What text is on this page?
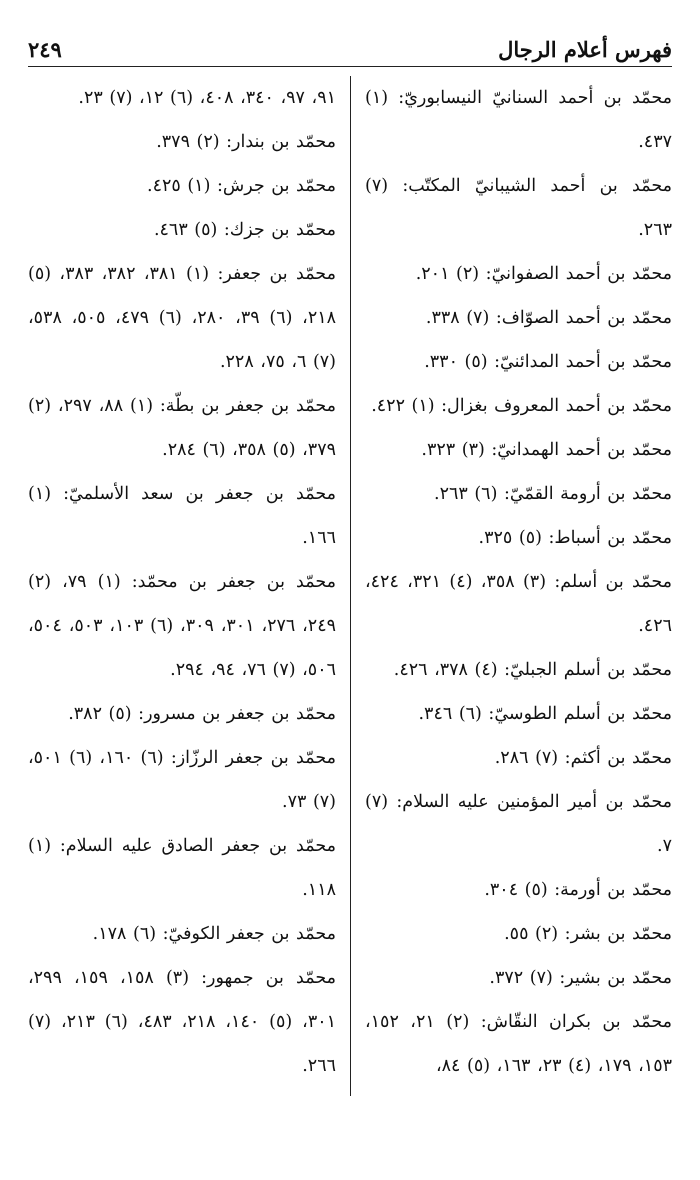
فهرس أعلام الرجال
٢٤٩

محمّد بن أحمد السنانيّ النيسابوريّ: (١) ٤٣٧.

محمّد بن أحمد الشيبانيّ المكتّب: (٧) ٢٦٣.

محمّد بن أحمد الصفوانيّ: (٢) ٢٠١.

محمّد بن أحمد الصوّاف: (٧) ٣٣٨.

محمّد بن أحمد المدائنيّ: (٥) ٣٣٠.

محمّد بن أحمد المعروف بغزال: (١) ٤٢٢.

محمّد بن أحمد الهمدانيّ: (٣) ٣٢٣.

محمّد بن أرومة القمّيّ: (٦) ٢٦٣.

محمّد بن أسباط: (٥) ٣٢٥.

محمّد بن أسلم: (٣) ٣٥٨، (٤) ٣٢١، ٤٢٤، ٤٢٦.

محمّد بن أسلم الجبليّ: (٤) ٣٧٨، ٤٢٦.

محمّد بن أسلم الطوسيّ: (٦) ٣٤٦.

محمّد بن أكثم: (٧) ٢٨٦.

محمّد بن أمير المؤمنين عليه السلام: (٧) ٧.

محمّد بن أورمة: (٥) ٣٠٤.

محمّد بن بشر: (٢) ٥٥.

محمّد بن بشير: (٧) ٣٧٢.

محمّد بن بكران النقّاش: (٢) ٢١، ١٥٢، ١٥٣، ١٧٩، (٤) ٢٣، ١٦٣، (٥) ٨٤،

٩١، ٩٧، ٣٤٠، ٤٠٨، (٦) ١٢، (٧) ٢٣.

محمّد بن بندار: (٢) ٣٧٩.

محمّد بن جرش: (١) ٤٢٥.

محمّد بن جزك: (٥) ٤٦٣.

محمّد بن جعفر: (١) ٣٨١، ٣٨٢، ٣٨٣، (٥) ٢١٨، (٦) ٣٩، ٢٨٠، (٦) ٤٧٩، ٥٠٥، ٥٣٨، (٧) ٦، ٧٥، ٢٢٨.

محمّد بن جعفر بن بطّة: (١) ٨٨، ٢٩٧، (٢) ٣٧٩، (٥) ٣٥٨، (٦) ٢٨٤.

محمّد بن جعفر بن سعد الأسلميّ: (١) ١٦٦.

محمّد بن جعفر بن محمّد: (١) ٧٩، (٢) ٢٤٩، ٢٧٦، ٣٠١، ٣٠٩، (٦) ١٠٣، ٥٠٣، ٥٠٤، ٥٠٦، (٧) ٧٦، ٩٤، ٢٩٤.

محمّد بن جعفر بن مسرور: (٥) ٣٨٢.

محمّد بن جعفر الرزّاز: (٦) ١٦٠، (٦) ٥٠١، (٧) ٧٣.

محمّد بن جعفر الصادق عليه السلام: (١) ١١٨.

محمّد بن جعفر الكوفيّ: (٦) ١٧٨.

محمّد بن جمهور: (٣) ١٥٨، ١٥٩، ٢٩٩، ٣٠١، (٥) ١٤٠، ٢١٨، ٤٨٣، (٦) ٢١٣، (٧) ٢٦٦.
